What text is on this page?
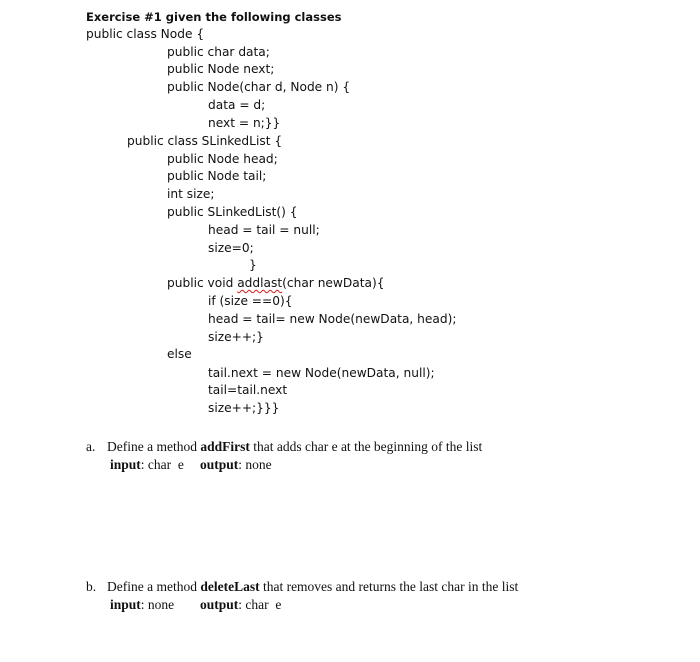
Exercise #1 given the following classes
public class Node {
public char data;
public Node next;
public Node(char d, Node n) {
data = d;
next = n;}}
public class SLinkedList {
public Node head;
public Node tail;
int size;
public SLinkedList() {
head = tail = null;
size=0;
}
public void addlast(char newData){
if (size ==0){
head = tail= new Node(newData, head);
size++;}
else
tail.next = new Node(newData, null);
tail=tail.next
size++;}}}
a. Define a method addFirst that adds char e at the beginning of the list
input: char  e output: none
b. Define a method deleteLast that removes and returns the last char in the list
input: none output: char  e
